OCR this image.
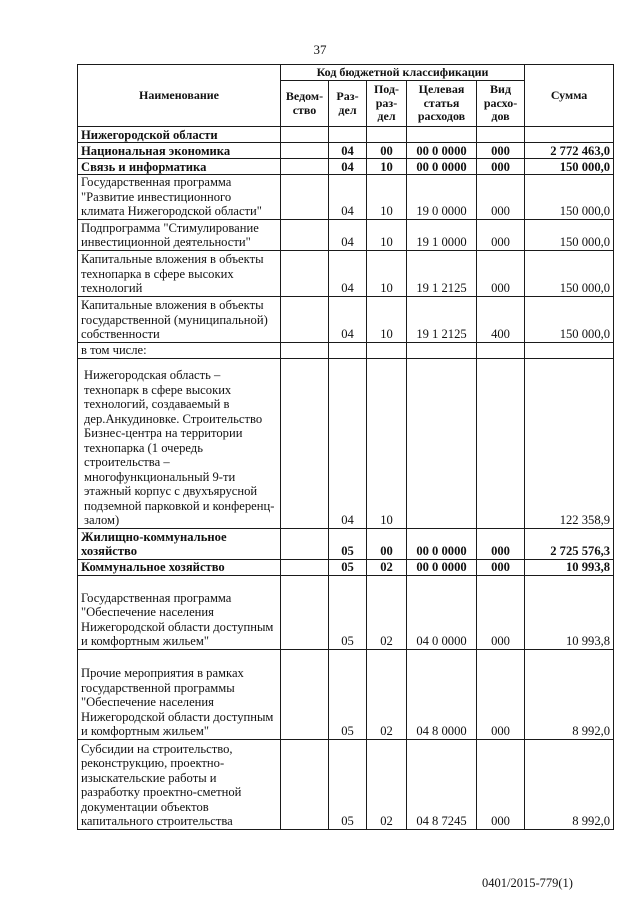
37
Наименование	Код бюджетной классификации					Сумма
	Ведом-ство	Раз-дел	Под-раз-дел	Целевая статья расходов	Вид расхо-дов	
Нижегородской области						
Национальная экономика		04	00	00 0 0000	000	2 772 463,0
Связь и информатика		04	10	00 0 0000	000	150 000,0
Государственная программа "Развитие инвестиционного климата Нижегородской области"		04	10	19 0 0000	000	150 000,0
Подпрограмма "Стимулирование инвестиционной деятельности"		04	10	19 1 0000	000	150 000,0
Капитальные вложения в объекты технопарка в сфере высоких технологий		04	10	19 1 2125	000	150 000,0
Капитальные вложения в объекты государственной (муниципальной) собственности		04	10	19 1 2125	400	150 000,0
в том числе:						
Нижегородская область – технопарк в сфере высоких технологий, создаваемый в дер.Анкудиновке. Строительство Бизнес-центра на территории технопарка (1 очередь строительства – многофункциональный 9-ти этажный корпус с двухъярусной подземной парковкой и конференц-залом)		04	10			122 358,9
Жилищно-коммунальное хозяйство		05	00	00 0 0000	000	2 725 576,3
Коммунальное хозяйство		05	02	00 0 0000	000	10 993,8
Государственная программа "Обеспечение населения Нижегородской области доступным и комфортным жильем"		05	02	04 0 0000	000	10 993,8
Прочие мероприятия в рамках государственной программы "Обеспечение населения Нижегородской области доступным и комфортным жильем"		05	02	04 8 0000	000	8 992,0
Субсидии на строительство, реконструкцию, проектно-изыскательские работы и разработку проектно-сметной документации объектов капитального строительства		05	02	04 8 7245	000	8 992,0
0401/2015-779(1)
